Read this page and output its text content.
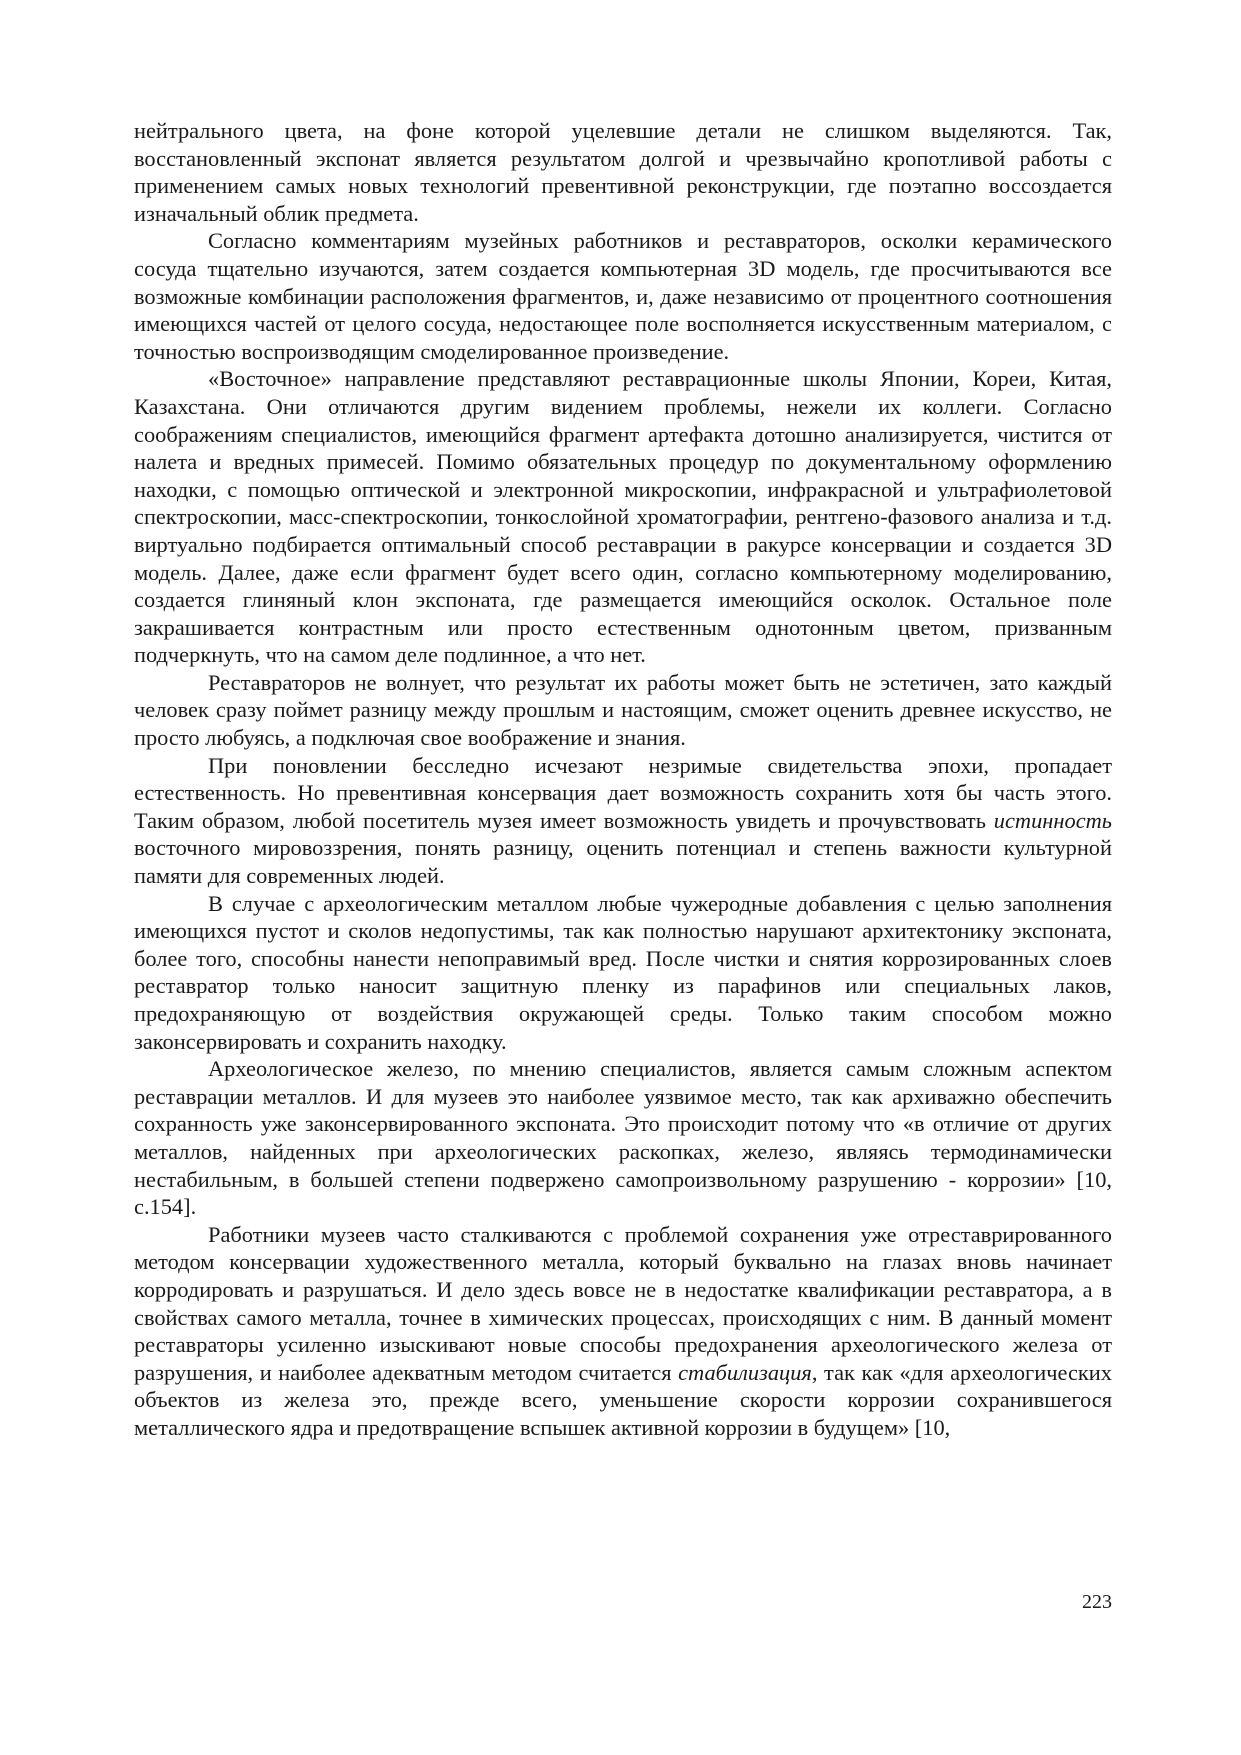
нейтрального цвета, на фоне которой уцелевшие детали не слишком выделяются. Так, восстановленный экспонат является результатом долгой и чрезвычайно кропотливой работы с применением самых новых технологий превентивной реконструкции, где поэтапно воссоздается изначальный облик предмета.

Согласно комментариям музейных работников и реставраторов, осколки керамического сосуда тщательно изучаются, затем создается компьютерная 3D модель, где просчитываются все возможные комбинации расположения фрагментов, и, даже независимо от процентного соотношения имеющихся частей от целого сосуда, недостающее поле восполняется искусственным материалом, с точностью воспроизводящим смоделированное произведение.

«Восточное» направление представляют реставрационные школы Японии, Кореи, Китая, Казахстана. Они отличаются другим видением проблемы, нежели их коллеги. Согласно соображениям специалистов, имеющийся фрагмент артефакта дотошно анализируется, чистится от налета и вредных примесей. Помимо обязательных процедур по документальному оформлению находки, с помощью оптической и электронной микроскопии, инфракрасной и ультрафиолетовой спектроскопии, масс-спектроскопии, тонкослойной хроматографии, рентгено-фазового анализа и т.д. виртуально подбирается оптимальный способ реставрации в ракурсе консервации и создается 3D модель. Далее, даже если фрагмент будет всего один, согласно компьютерному моделированию, создается глиняный клон экспоната, где размещается имеющийся осколок. Остальное поле закрашивается контрастным или просто естественным однотонным цветом, призванным подчеркнуть, что на самом деле подлинное, а что нет.

Реставраторов не волнует, что результат их работы может быть не эстетичен, зато каждый человек сразу поймет разницу между прошлым и настоящим, сможет оценить древнее искусство, не просто любуясь, а подключая свое воображение и знания.

При поновлении бесследно исчезают незримые свидетельства эпохи, пропадает естественность. Но превентивная консервация дает возможность сохранить хотя бы часть этого. Таким образом, любой посетитель музея имеет возможность увидеть и прочувствовать истинность восточного мировоззрения, понять разницу, оценить потенциал и степень важности культурной памяти для современных людей.

В случае с археологическим металлом любые чужеродные добавления с целью заполнения имеющихся пустот и сколов недопустимы, так как полностью нарушают архитектонику экспоната, более того, способны нанести непоправимый вред. После чистки и снятия коррозированных слоев реставратор только наносит защитную пленку из парафинов или специальных лаков, предохраняющую от воздействия окружающей среды. Только таким способом можно законсервировать и сохранить находку.

Археологическое железо, по мнению специалистов, является самым сложным аспектом реставрации металлов. И для музеев это наиболее уязвимое место, так как архиважно обеспечить сохранность уже законсервированного экспоната. Это происходит потому что «в отличие от других металлов, найденных при археологических раскопках, железо, являясь термодинамически нестабильным, в большей степени подвержено самопроизвольному разрушению - коррозии» [10, с.154].

Работники музеев часто сталкиваются с проблемой сохранения уже отреставрированного методом консервации художественного металла, который буквально на глазах вновь начинает корродировать и разрушаться. И дело здесь вовсе не в недостатке квалификации реставратора, а в свойствах самого металла, точнее в химических процессах, происходящих с ним. В данный момент реставраторы усиленно изыскивают новые способы предохранения археологического железа от разрушения, и наиболее адекватным методом считается стабилизация, так как «для археологических объектов из железа это, прежде всего, уменьшение скорости коррозии сохранившегося металлического ядра и предотвращение вспышек активной коррозии в будущем» [10,

223
